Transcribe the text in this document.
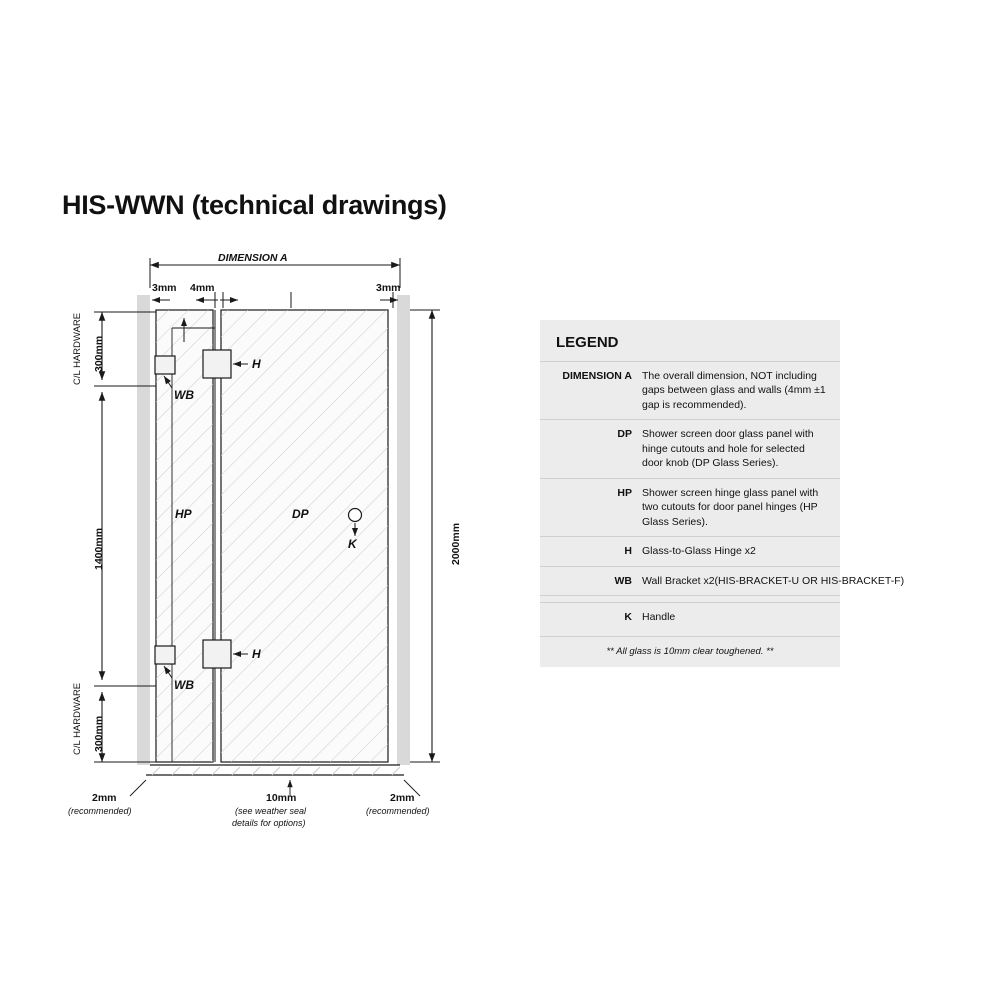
HIS-WWN (technical drawings)
DIMENSION A
3mm 4mm	3mm
2000mm
C/L HARDWARE 300mm
1400mm
C/L HARDWARE 300mm
HP	DP
H
H
WB
WB
K
2mm
(recommended)
10mm
(see weather seal
details for options)
2mm
(recommended)
LEGEND
DIMENSION A The overall dimension, NOT including gaps between glass and walls (4mm ±1 gap is recommended).
DP Shower screen door glass panel with hinge cutouts and hole for selected door knob (DP Glass Series).
HP Shower screen hinge glass panel with two cutouts for door panel hinges (HP Glass Series).
H Glass-to-Glass Hinge x2
WB Wall Bracket x2(HIS-BRACKET-U OR HIS-BRACKET-F)
K Handle
** All glass is 10mm clear toughened. **
